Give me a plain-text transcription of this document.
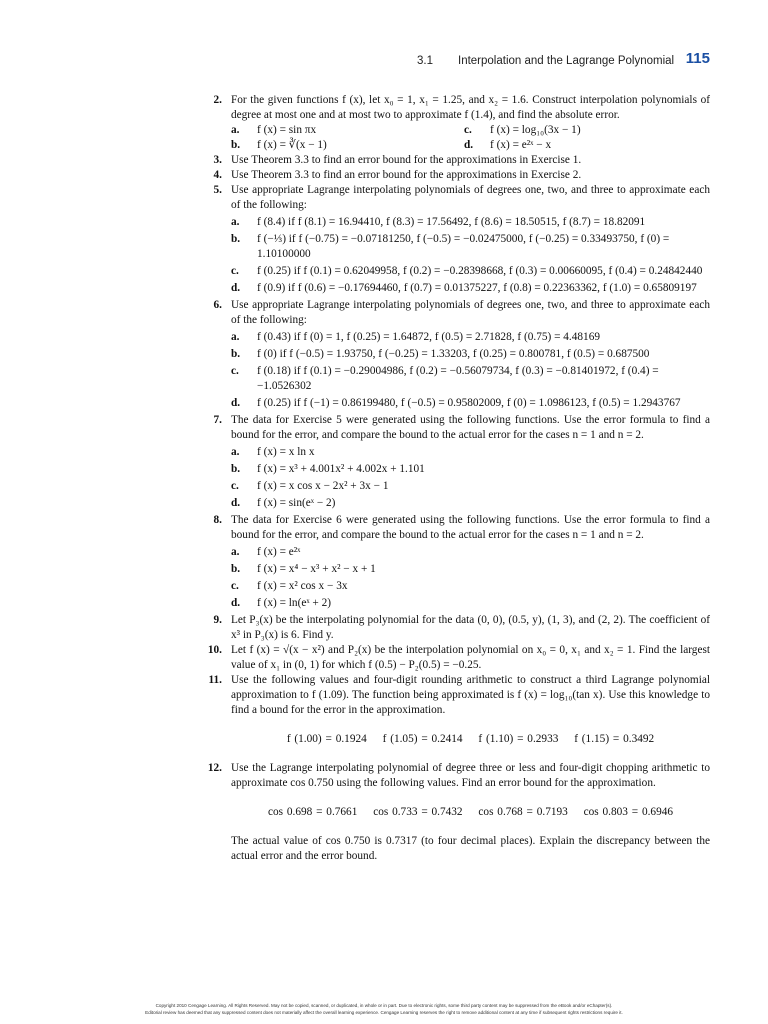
3.1 Interpolation and the Lagrange Polynomial 115
2. For the given functions f (x), let x₀ = 1, x₁ = 1.25, and x₂ = 1.6. Construct interpolation polynomials of degree at most one and at most two to approximate f (1.4), and find the absolute error.
a. f (x) = sin πx	c. f (x) = log₁₀(3x − 1)
b. f (x) = ∛(x − 1)	d. f (x) = e²ˣ − x
3. Use Theorem 3.3 to find an error bound for the approximations in Exercise 1.
4. Use Theorem 3.3 to find an error bound for the approximations in Exercise 2.
5. Use appropriate Lagrange interpolating polynomials of degrees one, two, and three to approximate each of the following:
a. f (8.4) if f (8.1) = 16.94410, f (8.3) = 17.56492, f (8.6) = 18.50515, f (8.7) = 18.82091
b. f (−⅓) if f (−0.75) = −0.07181250, f (−0.5) = −0.02475000, f (−0.25) = 0.33493750, f (0) = 1.10100000
c. f (0.25) if f (0.1) = 0.62049958, f (0.2) = −0.28398668, f (0.3) = 0.00660095, f (0.4) = 0.24842440
d. f (0.9) if f (0.6) = −0.17694460, f (0.7) = 0.01375227, f (0.8) = 0.22363362, f (1.0) = 0.65809197
6. Use appropriate Lagrange interpolating polynomials of degrees one, two, and three to approximate each of the following:
a. f (0.43) if f (0) = 1, f (0.25) = 1.64872, f (0.5) = 2.71828, f (0.75) = 4.48169
b. f (0) if f (−0.5) = 1.93750, f (−0.25) = 1.33203, f (0.25) = 0.800781, f (0.5) = 0.687500
c. f (0.18) if f (0.1) = −0.29004986, f (0.2) = −0.56079734, f (0.3) = −0.81401972, f (0.4) = −1.0526302
d. f (0.25) if f (−1) = 0.86199480, f (−0.5) = 0.95802009, f (0) = 1.0986123, f (0.5) = 1.2943767
7. The data for Exercise 5 were generated using the following functions. Use the error formula to find a bound for the error, and compare the bound to the actual error for the cases n = 1 and n = 2.
a. f (x) = x ln x
b. f (x) = x³ + 4.001x² + 4.002x + 1.101
c. f (x) = x cos x − 2x² + 3x − 1
d. f (x) = sin(eˣ − 2)
8. The data for Exercise 6 were generated using the following functions. Use the error formula to find a bound for the error, and compare the bound to the actual error for the cases n = 1 and n = 2.
a. f (x) = e²ˣ
b. f (x) = x⁴ − x³ + x² − x + 1
c. f (x) = x² cos x − 3x
d. f (x) = ln(eˣ + 2)
9. Let P₃(x) be the interpolating polynomial for the data (0, 0), (0.5, y), (1, 3), and (2, 2). The coefficient of x³ in P₃(x) is 6. Find y.
10. Let f (x) = √(x − x²) and P₂(x) be the interpolation polynomial on x₀ = 0, x₁ and x₂ = 1. Find the largest value of x₁ in (0, 1) for which f (0.5) − P₂(0.5) = −0.25.
11. Use the following values and four-digit rounding arithmetic to construct a third Lagrange polynomial approximation to f (1.09). The function being approximated is f (x) = log₁₀(tan x). Use this knowledge to find a bound for the error in the approximation.
f (1.00) = 0.1924 f (1.05) = 0.2414 f (1.10) = 0.2933 f (1.15) = 0.3492
12. Use the Lagrange interpolating polynomial of degree three or less and four-digit chopping arithmetic to approximate cos 0.750 using the following values. Find an error bound for the approximation.
cos 0.698 = 0.7661 cos 0.733 = 0.7432 cos 0.768 = 0.7193 cos 0.803 = 0.6946
The actual value of cos 0.750 is 0.7317 (to four decimal places). Explain the discrepancy between the actual error and the error bound.
Copyright 2010 Cengage Learning. All Rights Reserved. May not be copied, scanned, or duplicated, in whole or in part. Due to electronic rights, some third party content may be suppressed from the eBook and/or eChapter(s).
Editorial review has deemed that any suppressed content does not materially affect the overall learning experience. Cengage Learning reserves the right to remove additional content at any time if subsequent rights restrictions require it.
